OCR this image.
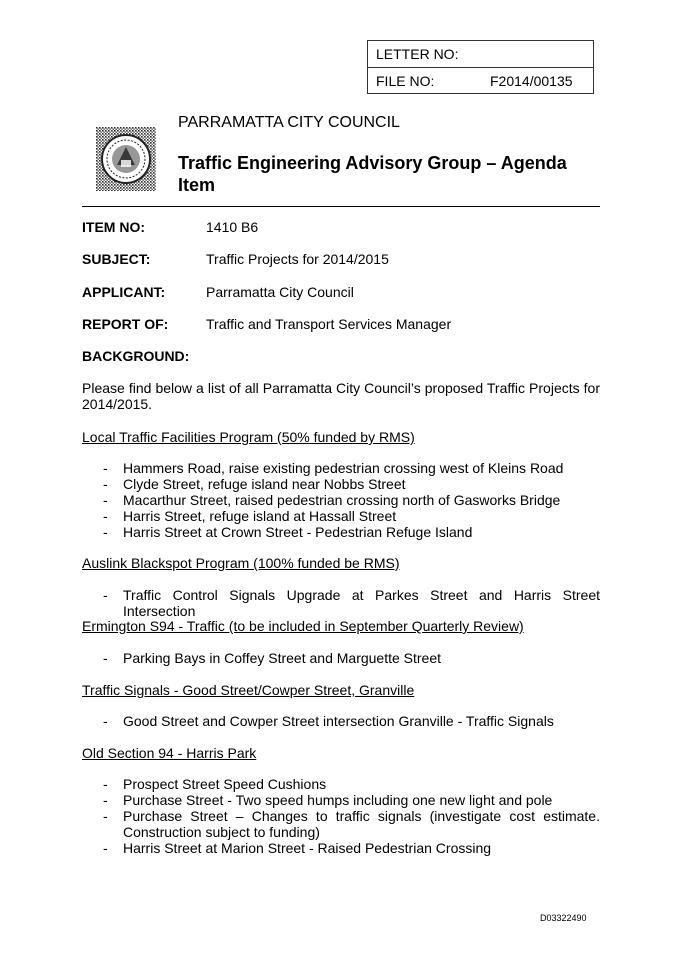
LETTER NO:
FILE NO:	F2014/00135
PARRAMATTA CITY COUNCIL
Traffic Engineering Advisory Group – Agenda Item
ITEM NO:	1410 B6
SUBJECT:	Traffic Projects for 2014/2015
APPLICANT:	Parramatta City Council
REPORT OF:	Traffic and Transport Services Manager
BACKGROUND:
Please find below a list of all Parramatta City Council’s proposed Traffic Projects for 2014/2015.
Local Traffic Facilities Program (50% funded by RMS)
- Hammers Road, raise existing pedestrian crossing west of Kleins Road
- Clyde Street, refuge island near Nobbs Street
- Macarthur Street, raised pedestrian crossing north of Gasworks Bridge
- Harris Street, refuge island at Hassall Street
- Harris Street at Crown Street - Pedestrian Refuge Island
Auslink Blackspot Program (100% funded be RMS)
- Traffic Control Signals Upgrade at Parkes Street and Harris Street Intersection
Ermington S94 - Traffic (to be included in September Quarterly Review)
- Parking Bays in Coffey Street and Marguette Street
Traffic Signals - Good Street/Cowper Street, Granville
- Good Street and Cowper Street intersection Granville - Traffic Signals
Old Section 94 - Harris Park
- Prospect Street Speed Cushions
- Purchase Street - Two speed humps including one new light and pole
- Purchase Street – Changes to traffic signals (investigate cost estimate. Construction subject to funding)
- Harris Street at Marion Street - Raised Pedestrian Crossing
D03322490
